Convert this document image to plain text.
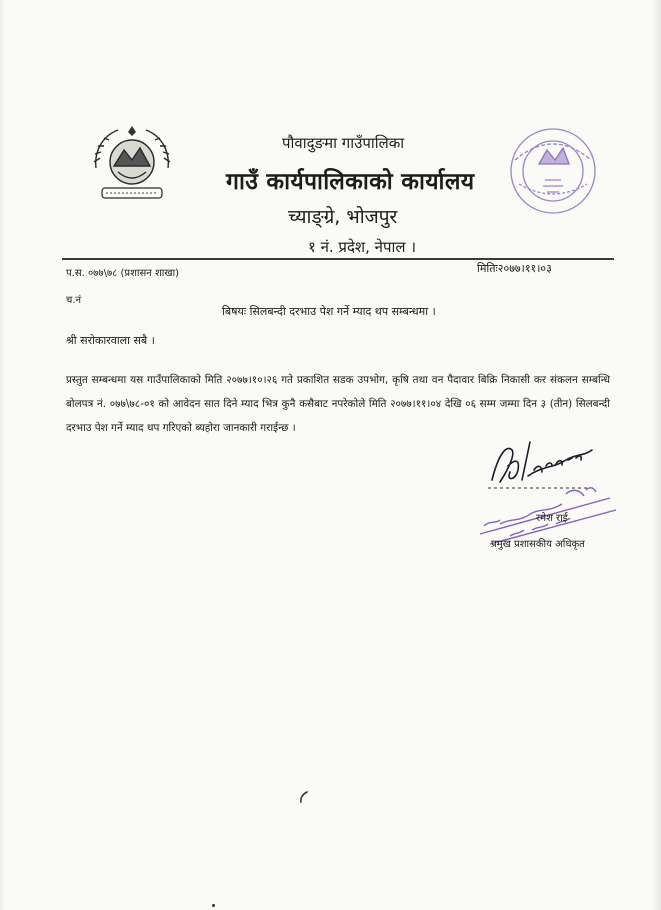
पौवादुङमा गाउँपालिका
गाउँ कार्यपालिकाको कार्यालय
च्याङ्ग्रे, भोजपुर
१ नं. प्रदेश, नेपाल ।
प.स. ०७७\७८ (प्रशासन शाखा)	मितिः२०७७।११।०३
च.नं
बिषयः सिलबन्दी दरभाउ पेश गर्ने म्याद थप सम्बन्धमा ।
श्री सरोकारवाला सबै ।
प्रस्तुत सम्बन्धमा यस गाउँपालिकाको मिति २०७७।१०।२६ गते प्रकाशित सडक उपभोग, कृषि तथा वन पैदावार बिक्रि निकासी कर संकलन सम्बन्धि बोलपत्र नं. ०७७\७८-०१ को आवेदन सात दिने म्याद भित्र कुनै कसैबाट नपरेकोले मिति २०७७।११।०४ देखि ०६ सम्म जम्मा दिन ३ (तीन) सिलबन्दी दरभाउ पेश गर्ने म्याद थप गरिएको ब्यहोरा जानकारी गराईन्छ ।
रमेश राई
प्रमुख प्रशासकीय अधिकृत
